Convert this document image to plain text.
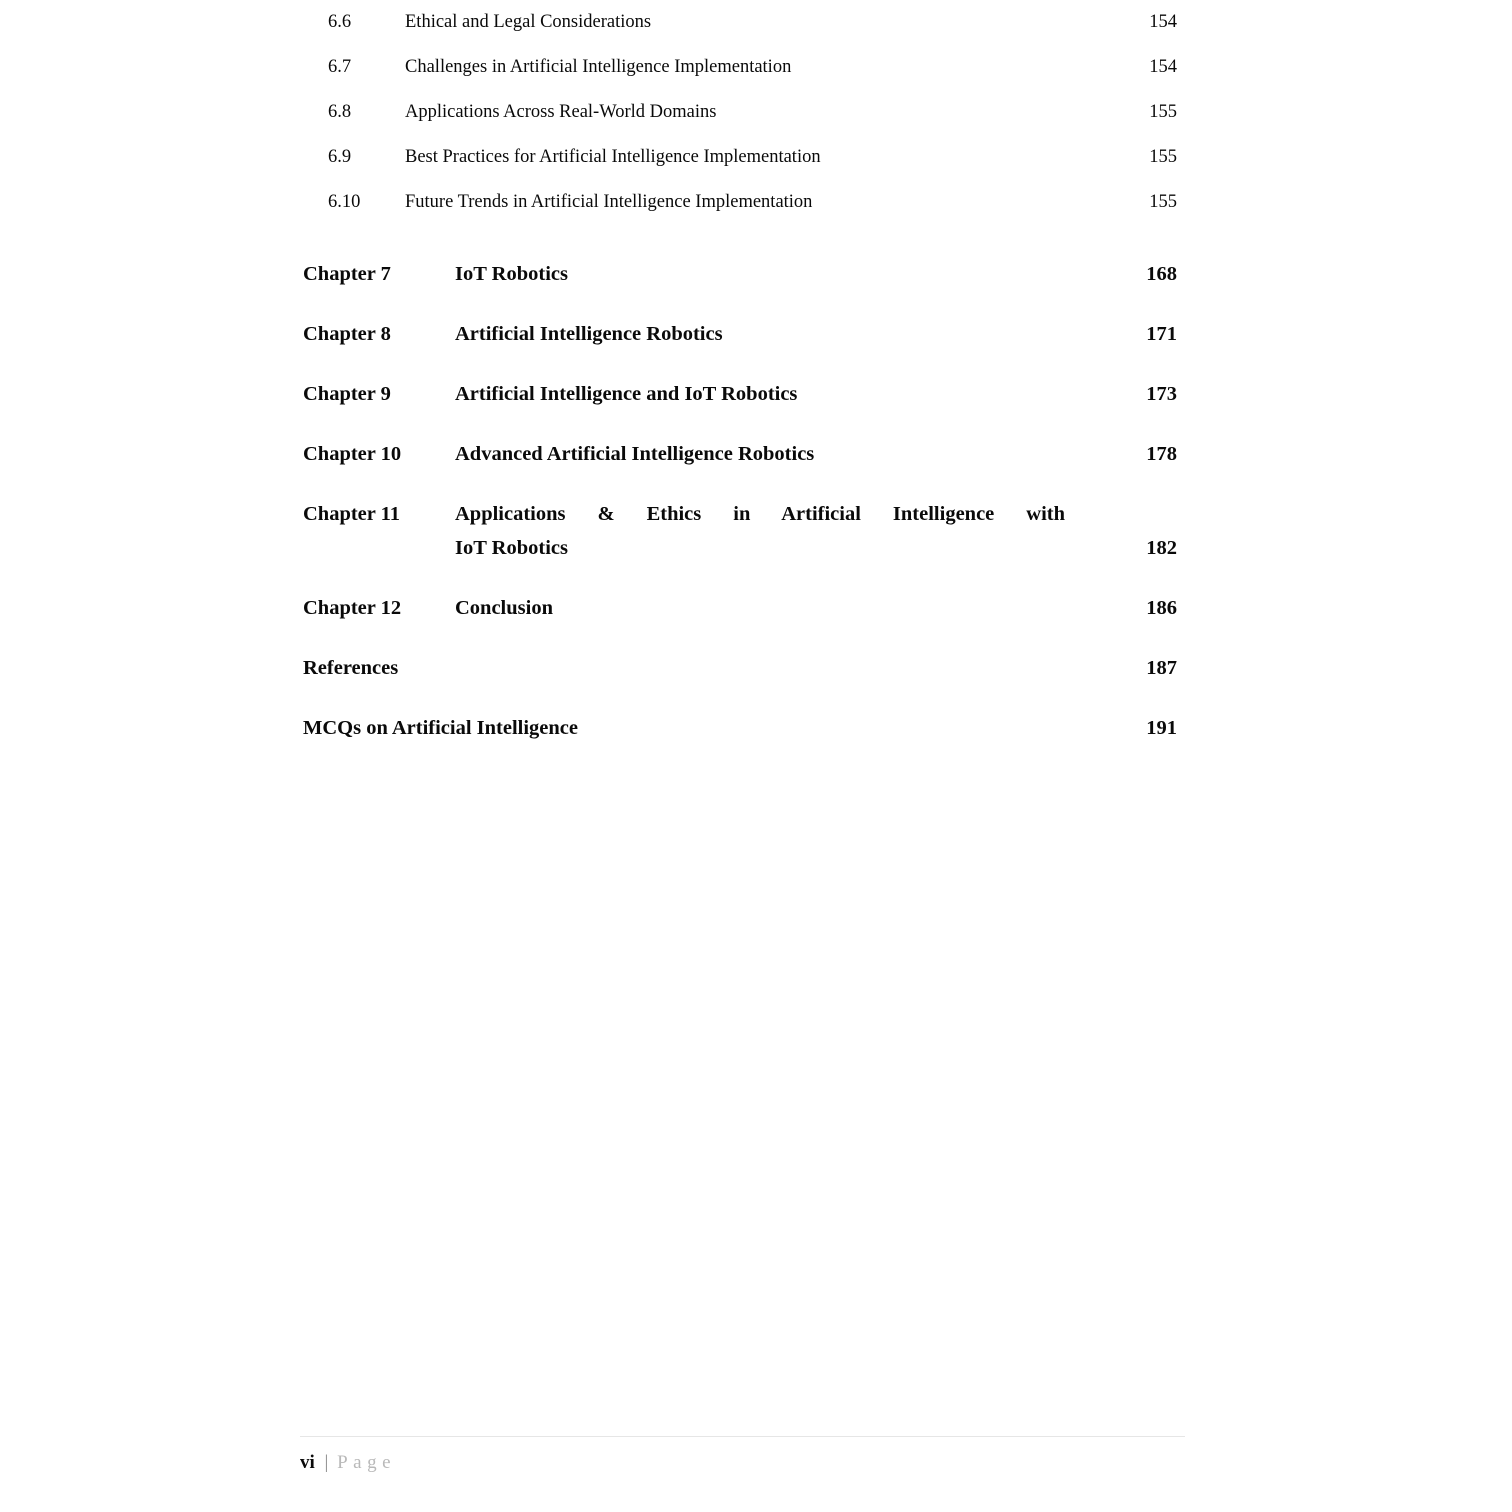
6.6	Ethical and Legal Considerations	154
6.7	Challenges in Artificial Intelligence Implementation	154
6.8	Applications Across Real-World Domains	155
6.9	Best Practices for Artificial Intelligence Implementation	155
6.10	Future Trends in Artificial Intelligence Implementation	155
Chapter 7	IoT Robotics	168
Chapter 8	Artificial Intelligence Robotics	171
Chapter 9	Artificial Intelligence and IoT Robotics	173
Chapter 10	Advanced Artificial Intelligence Robotics	178
Chapter 11	Applications & Ethics in Artificial Intelligence with
IoT Robotics	182
Chapter 12	Conclusion	186
References	187
MCQs on Artificial Intelligence	191
vi | Page
